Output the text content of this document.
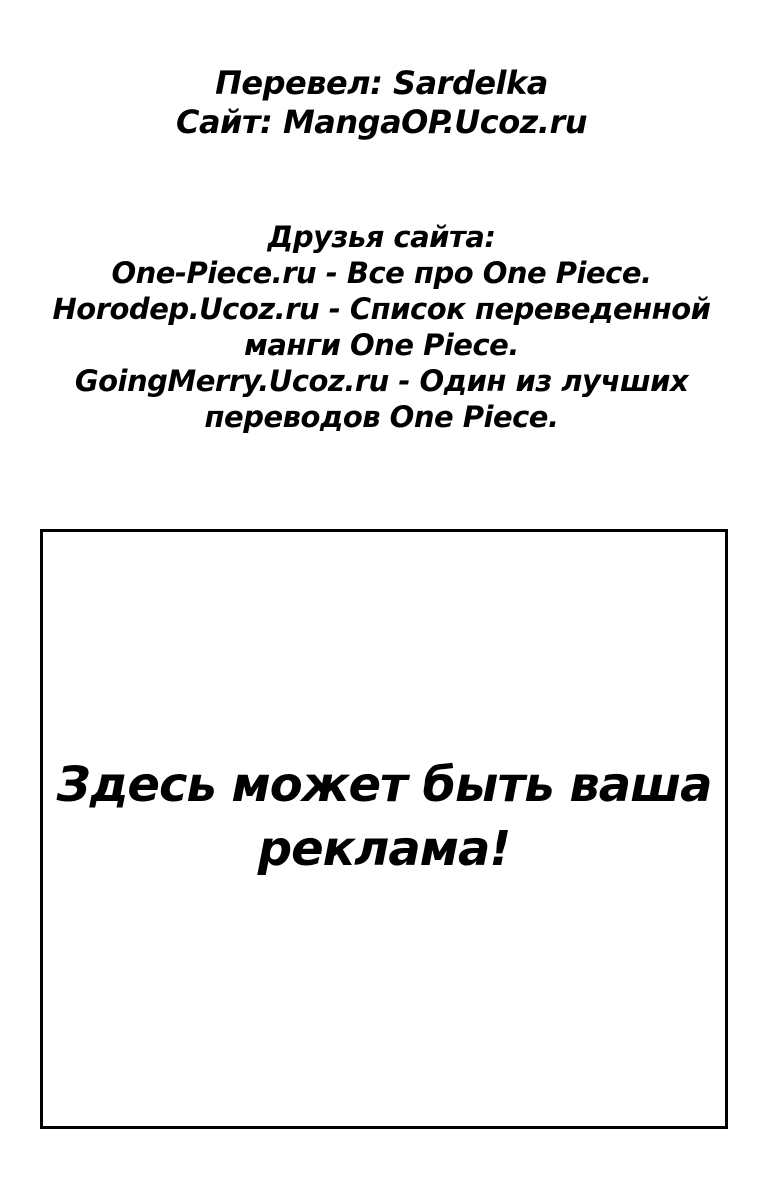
Перевел: Sardelka
Сайт: MangaOP.Ucoz.ru
Друзья сайта:
One-Piece.ru - Все про One Piece.
Horodep.Ucoz.ru - Список переведенной
манги One Piece.
GoingMerry.Ucoz.ru - Один из лучших
переводов One Piece.
Здесь может быть ваша
реклама!
